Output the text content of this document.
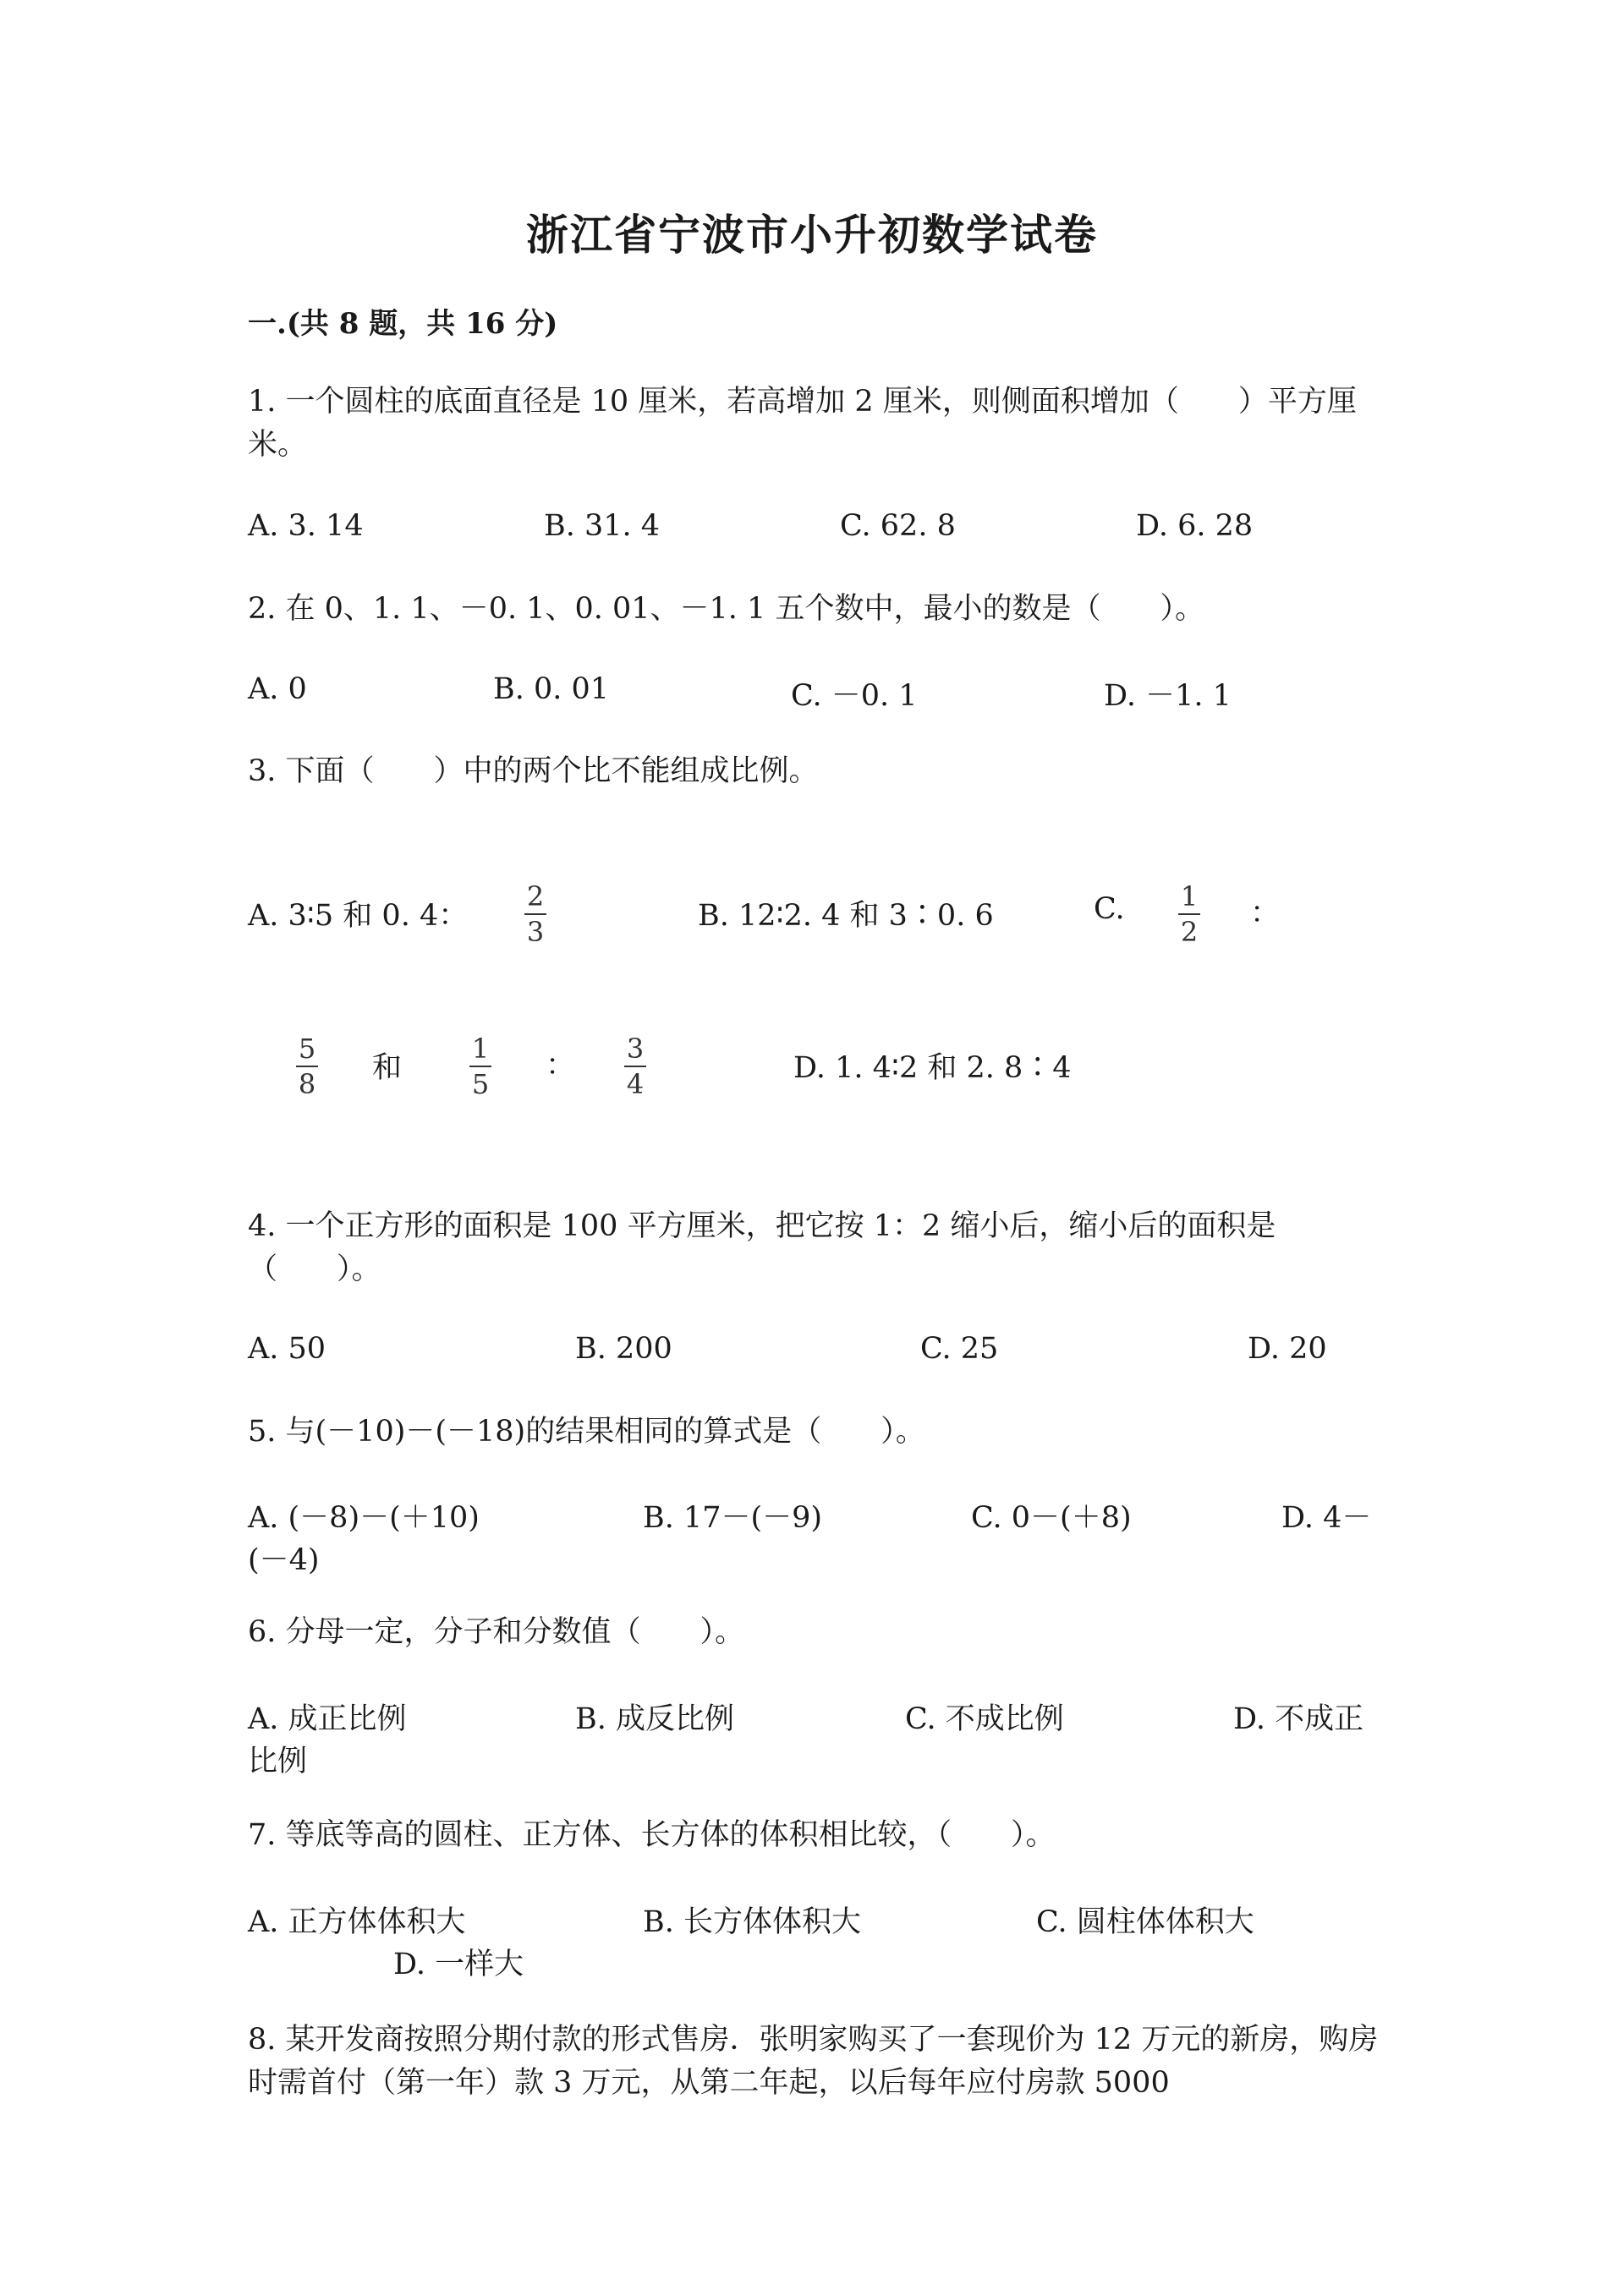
浙江省宁波市小升初数学试卷
一.(共 8 题，共 16 分)
1. 一个圆柱的底面直径是 10 厘米，若高增加 2 厘米，则侧面积增加（　　）平方厘米。
A. 3. 14	B. 31. 4	C. 62. 8	D. 6. 28
2. 在 0、1. 1、－0. 1、0. 01、－1. 1 五个数中，最小的数是（　　）。
A. 0	B. 0. 01	C. －0. 1	D. －1. 1
3. 下面（　　）中的两个比不能组成比例。
A. 3∶5 和 0. 4：
2
3	B. 12∶2. 4 和 3∶0. 6	C. 1
2
：
5
8 和
1
5
： 3
4	D. 1. 4∶2 和 2. 8∶4
4. 一个正方形的面积是 100 平方厘米，把它按 1：2 缩小后，缩小后的面积是（　　）。
A. 50	B. 200	C. 25	D. 20
5. 与(－10)－(－18)的结果相同的算式是（　　）。
A. (－8)－(＋10)	B. 17－(－9)	C. 0－(＋8)	D. 4－
(－4)
6. 分母一定，分子和分数值（　　）。
A. 成正比例	B. 成反比例	C. 不成比例	D. 不成正
比例
7. 等底等高的圆柱、正方体、长方体的体积相比较，（　　）。
A. 正方体体积大	B. 长方体体积大	C. 圆柱体体积大
D. 一样大
8. 某开发商按照分期付款的形式售房．张明家购买了一套现价为 12 万元的新房，购房时需首付（第一年）款 3 万元，从第二年起，以后每年应付房款 5000
